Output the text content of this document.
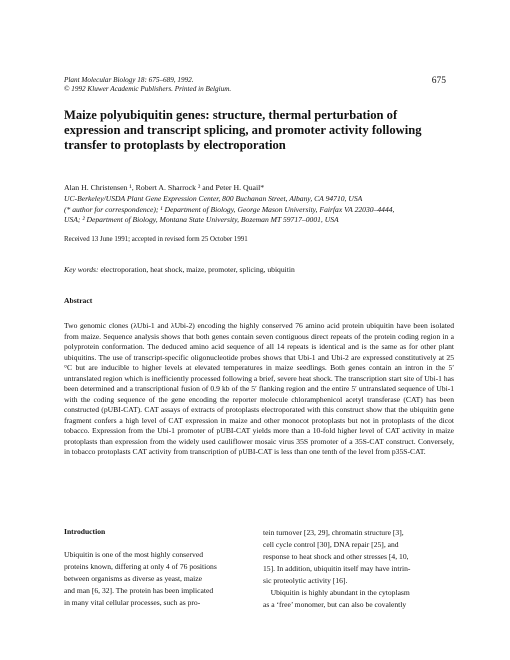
Plant Molecular Biology 18: 675–689, 1992.
© 1992 Kluwer Academic Publishers. Printed in Belgium.
675
Maize polyubiquitin genes: structure, thermal perturbation of expression and transcript splicing, and promoter activity following transfer to protoplasts by electroporation
Alan H. Christensen ¹, Robert A. Sharrock ² and Peter H. Quail*
UC-Berkeley/USDA Plant Gene Expression Center, 800 Buchanan Street, Albany, CA 94710, USA
(* author for correspondence); ¹ Department of Biology, George Mason University, Fairfax VA 22030–4444,
USA; ² Department of Biology, Montana State University, Bozeman MT 59717–0001, USA
Received 13 June 1991; accepted in revised form 25 October 1991
Key words: electroporation, heat shock, maize, promoter, splicing, ubiquitin
Abstract
Two genomic clones (λUbi-1 and λUbi-2) encoding the highly conserved 76 amino acid protein ubiquitin have been isolated from maize. Sequence analysis shows that both genes contain seven contiguous direct repeats of the protein coding region in a polyprotein conformation. The deduced amino acid sequence of all 14 repeats is identical and is the same as for other plant ubiquitins. The use of transcript-specific oligonucleotide probes shows that Ubi-1 and Ubi-2 are expressed constitutively at 25 °C but are inducible to higher levels at elevated temperatures in maize seedlings. Both genes contain an intron in the 5′ untranslated region which is inefficiently processed following a brief, severe heat shock. The transcription start site of Ubi-1 has been determined and a transcriptional fusion of 0.9 kb of the 5′ flanking region and the entire 5′ untranslated sequence of Ubi-1 with the coding sequence of the gene encoding the reporter molecule chloramphenicol acetyl transferase (CAT) has been constructed (pUBI-CAT). CAT assays of extracts of protoplasts electroporated with this construct show that the ubiquitin gene fragment confers a high level of CAT expression in maize and other monocot protoplasts but not in protoplasts of the dicot tobacco. Expression from the Ubi-1 promoter of pUBI-CAT yields more than a 10-fold higher level of CAT activity in maize protoplasts than expression from the widely used cauliflower mosaic virus 35S promoter of a 35S-CAT construct. Conversely, in tobacco protoplasts CAT activity from transcription of pUBI-CAT is less than one tenth of the level from p35S-CAT.
Introduction
Ubiquitin is one of the most highly conserved
proteins known, differing at only 4 of 76 positions
between organisms as diverse as yeast, maize
and man [6, 32]. The protein has been implicated
in many vital cellular processes, such as pro-
tein turnover [23, 29], chromatin structure [3],
cell cycle control [30], DNA repair [25], and
response to heat shock and other stresses [4, 10,
15]. In addition, ubiquitin itself may have intrin-
sic proteolytic activity [16].
Ubiquitin is highly abundant in the cytoplasm
as a ‘free’ monomer, but can also be covalently
